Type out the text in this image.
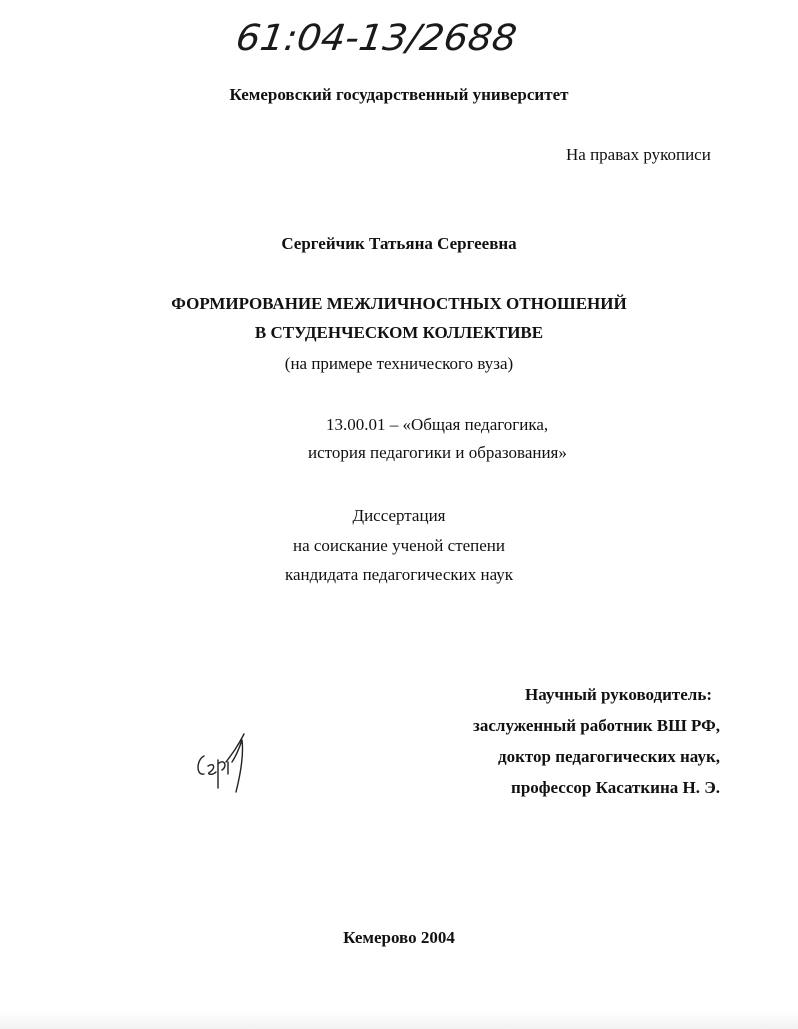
61:04-13/2688
Кемеровский государственный университет
На правах рукописи
Сергейчик Татьяна Сергеевна
ФОРМИРОВАНИЕ МЕЖЛИЧНОСТНЫХ ОТНОШЕНИЙ
В СТУДЕНЧЕСКОМ КОЛЛЕКТИВЕ
(на примере технического вуза)
13.00.01 – «Общая педагогика,
история педагогики и образования»
Диссертация
на соискание ученой степени
кандидата педагогических наук
Научный руководитель:
заслуженный работник ВШ РФ,
доктор педагогических наук,
профессор Касаткина Н. Э.
Кемерово 2004
